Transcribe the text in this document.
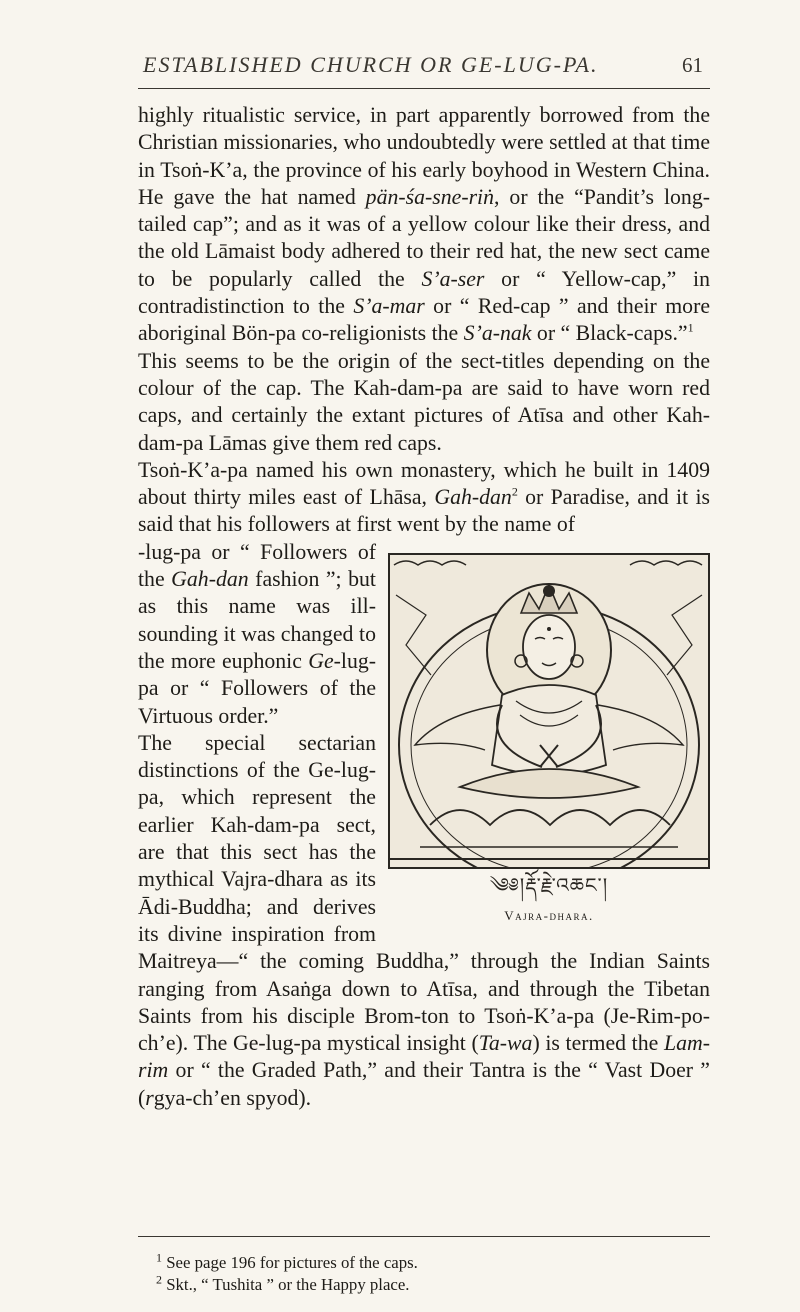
ESTABLISHED CHURCH OR GE-LUG-PA.	61

highly ritualistic service, in part apparently borrowed from the Christian missionaries, who undoubtedly were settled at that time in Tsoṅ-K’a, the province of his early boyhood in Western China. He gave the hat named pän-śa-sne-riṅ, or the “Pandit’s long-tailed cap”; and as it was of a yellow colour like their dress, and the old Lāmaist body adhered to their red hat, the new sect came to be popularly called the S’a-ser or “ Yellow-cap,” in contradistinction to the S’a-mar or “ Red-cap ” and their more aboriginal Bön-pa co-religionists the S’a-nak or “ Black-caps.”$^1$

This seems to be the origin of the sect-titles depending on the colour of the cap. The Kah-dam-pa are said to have worn red caps, and certainly the extant pictures of Atīsa and other Kah-dam-pa Lāmas give them red caps.

Tsoṅ-K’a-pa named his own monastery, which he built in 1409 about thirty miles east of Lhāsa, Gah-dan$^2$ or Paradise, and it is said that his followers at first went by the name of

༄༅།རྡོ་རྗེ་འཆང་།
Vajra-dhara.
-lug-pa or “ Followers of the Gah-dan fashion ”; but as this name was ill-sounding it was changed to the more euphonic Ge-lug-pa or “ Followers of the Virtuous order.”

The special sectarian distinctions of the Ge-lug-pa, which represent the earlier Kah-dam-pa sect, are that this sect has the mythical Vajra-dhara as its Ādi-Buddha; and derives its divine inspiration from Maitreya—“ the coming Buddha,” through the Indian Saints ranging from Asaṅga down to Atīsa, and through the Tibetan Saints from his disciple Brom-ton to Tsoṅ-K’a-pa (Je-Rim-po-ch’e). The Ge-lug-pa mystical insight (Ta-wa) is termed the Lam-rim or “ the Graded Path,” and their Tantra is the “ Vast Doer ” (rgya-ch’en spyod).

$^1$ See page 196 for pictures of the caps.
$^2$ Skt., “ Tushita ” or the Happy place.
